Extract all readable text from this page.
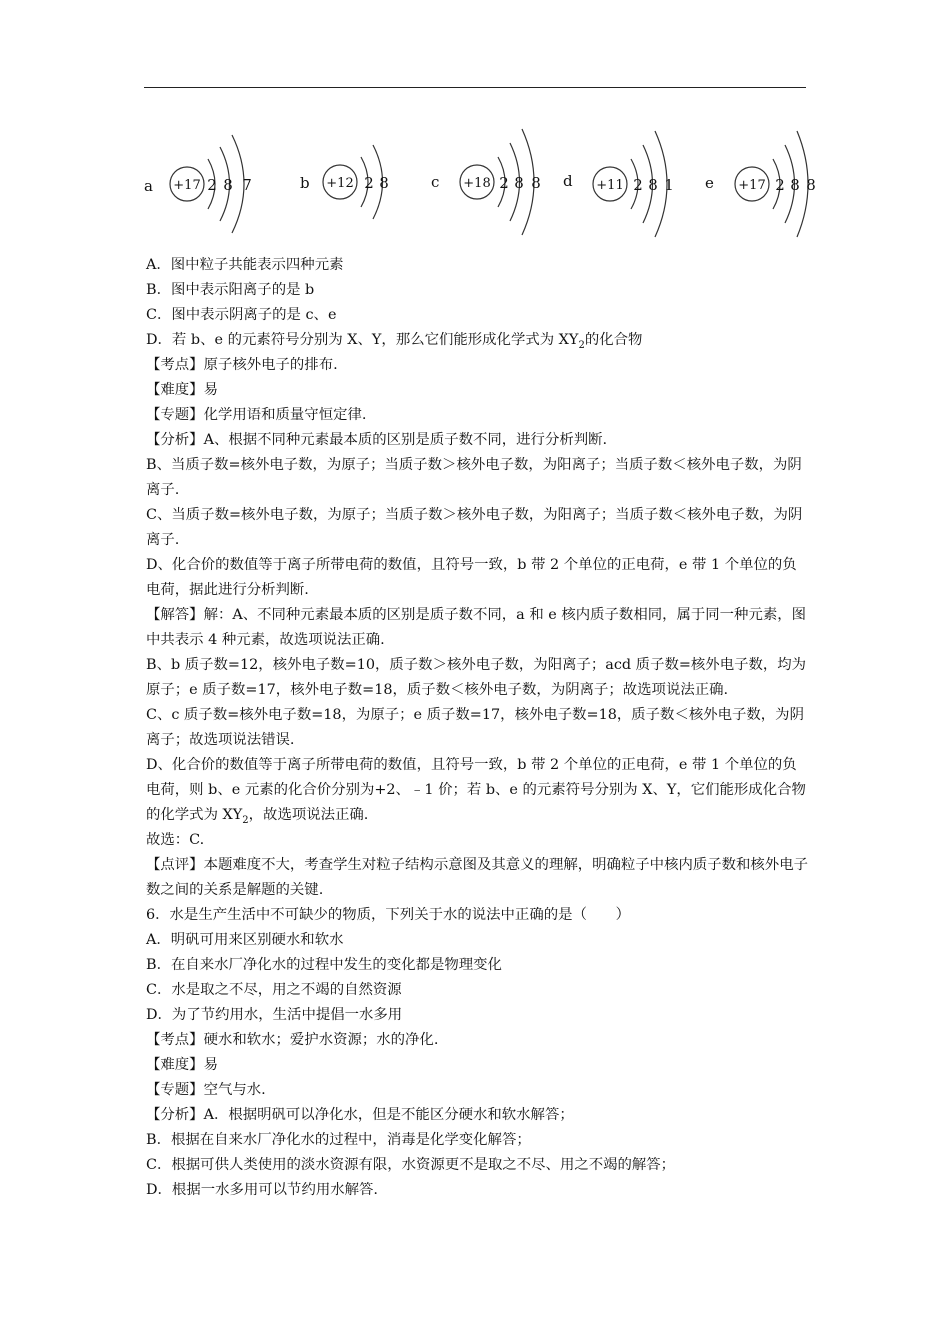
a +17 2 8 7	b +12 2 8	c +18 2 8 8 d +11 2 8 1 e +17 2 8 8

A．图中粒子共能表示四种元素

B．图中表示阳离子的是 b

C．图中表示阴离子的是 c、e

D．若 b、e 的元素符号分别为 X、Y，那么它们能形成化学式为 $XY_2$的化合物

【考点】原子核外电子的排布.

【难度】易

【专题】化学用语和质量守恒定律.

【分析】A、根据不同种元素最本质的区别是质子数不同，进行分析判断.

B、当质子数=核外电子数，为原子；当质子数＞核外电子数，为阳离子；当质子数＜核外电子数，为阴离子.

C、当质子数=核外电子数，为原子；当质子数＞核外电子数，为阳离子；当质子数＜核外电子数，为阴离子.

D、化合价的数值等于离子所带电荷的数值，且符号一致，b 带 2 个单位的正电荷，e 带 1 个单位的负电荷，据此进行分析判断.

【解答】解：A、不同种元素最本质的区别是质子数不同，a 和 e 核内质子数相同，属于同一种元素，图中共表示 4 种元素，故选项说法正确.

B、b 质子数=12，核外电子数=10，质子数＞核外电子数，为阳离子；acd 质子数=核外电子数，均为原子；e 质子数=17，核外电子数=18，质子数＜核外电子数，为阴离子；故选项说法正确.

C、c 质子数=核外电子数=18，为原子；e 质子数=17，核外电子数=18，质子数＜核外电子数，为阴离子；故选项说法错误.

D、化合价的数值等于离子所带电荷的数值，且符号一致，b 带 2 个单位的正电荷，e 带 1 个单位的负电荷，则 b、e 元素的化合价分别为+2、﹣1 价；若 b、e 的元素符号分别为 X、Y，它们能形成化合物的化学式为 $XY_2$，故选项说法正确.

故选：C.

【点评】本题难度不大，考查学生对粒子结构示意图及其意义的理解，明确粒子中核内质子数和核外电子数之间的关系是解题的关键.

6．水是生产生活中不可缺少的物质，下列关于水的说法中正确的是（　　）

A．明矾可用来区别硬水和软水

B．在自来水厂净化水的过程中发生的变化都是物理变化

C．水是取之不尽，用之不竭的自然资源

D．为了节约用水，生活中提倡一水多用

【考点】硬水和软水；爱护水资源；水的净化.

【难度】易

【专题】空气与水.

【分析】A．根据明矾可以净化水，但是不能区分硬水和软水解答；

B．根据在自来水厂净化水的过程中，消毒是化学变化解答；

C．根据可供人类使用的淡水资源有限，水资源更不是取之不尽、用之不竭的解答；

D．根据一水多用可以节约用水解答.
